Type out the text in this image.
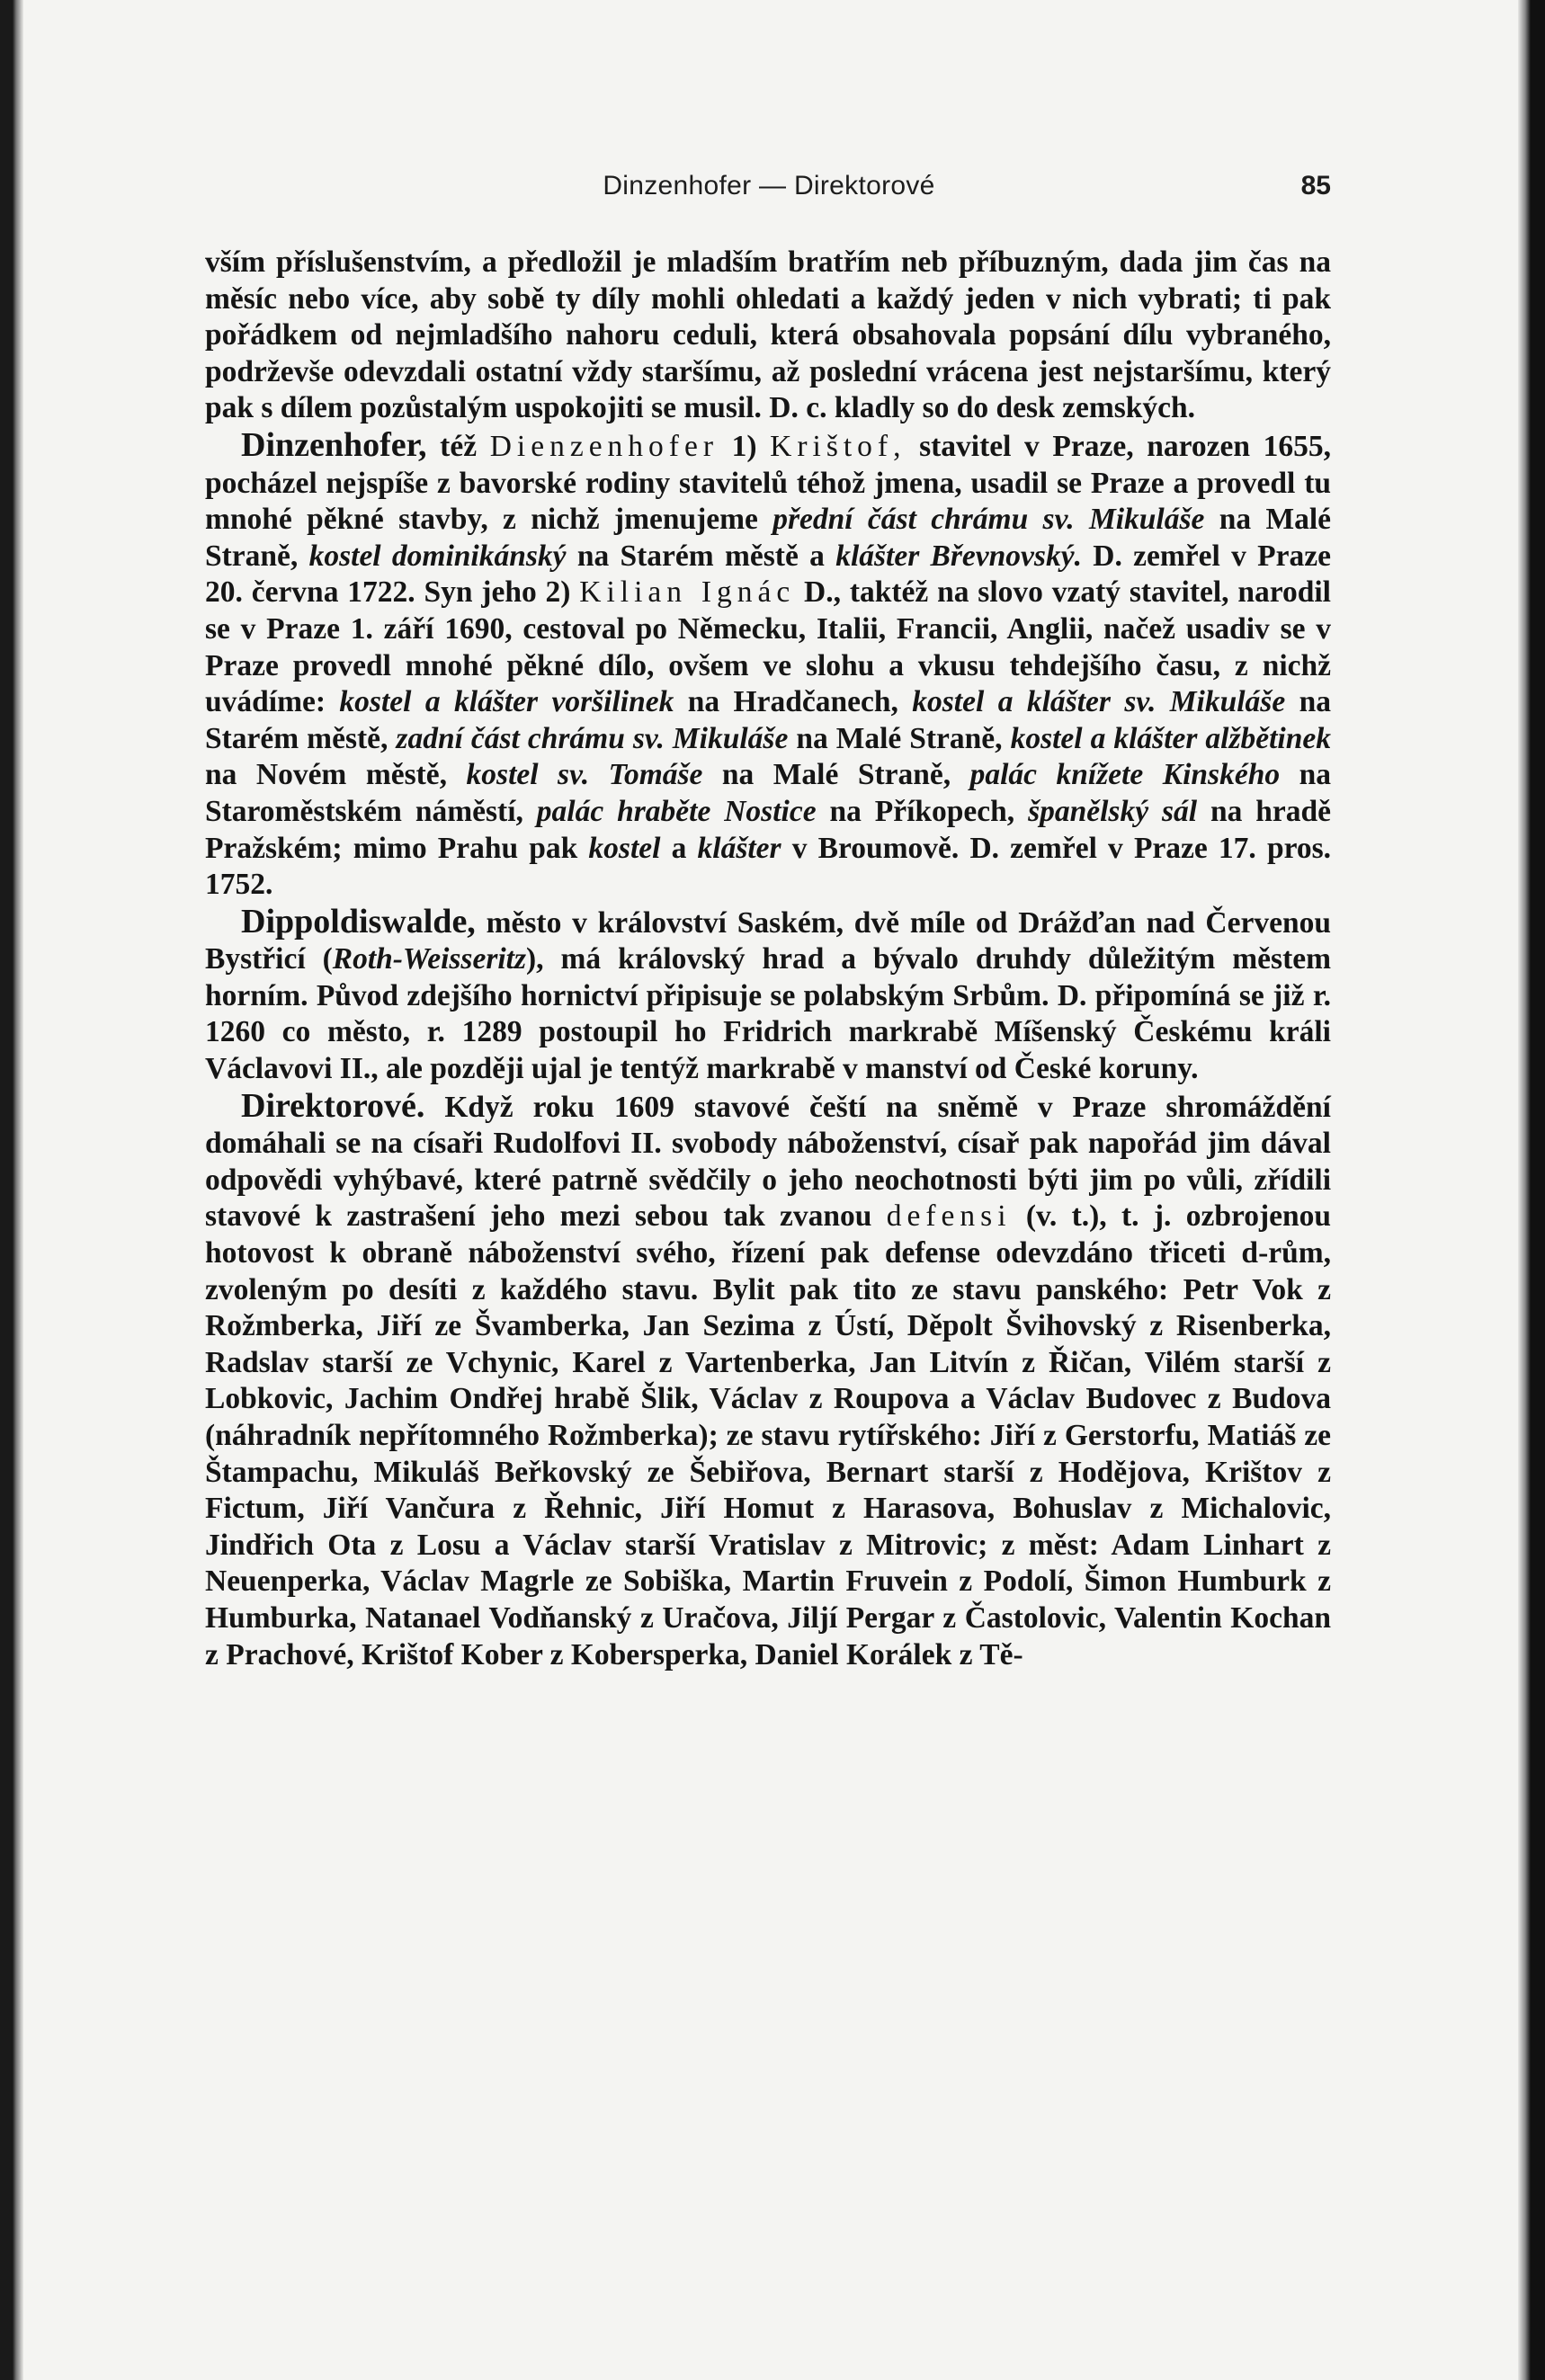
Dinzenhofer — Direktorové	85

vším příslušenstvím, a předložil je mladším bratřím neb příbuzným, dada jim čas na měsíc nebo více, aby sobě ty díly mohli ohledati a každý jeden v nich vybrati; ti pak pořádkem od nejmladšího nahoru ceduli, která obsahovala popsání dílu vybraného, podrževše odevzdali ostatní vždy staršímu, až poslední vrácena jest nejstaršímu, který pak s dílem pozůstalým uspokojiti se musil. D. c. kladly so do desk zemských.

Dinzenhofer, též Dienzenhofer 1) Krištof, stavitel v Praze, narozen 1655, pocházel nejspíše z bavorské rodiny stavitelů téhož jmena, usadil se Praze a provedl tu mnohé pěkné stavby, z nichž jmenujeme přední část chrámu sv. Mikuláše na Malé Straně, kostel dominikánský na Starém městě a klášter Břevnovský. D. zemřel v Praze 20. června 1722. Syn jeho 2) Kilian Ignác D., taktéž na slovo vzatý stavitel, narodil se v Praze 1. září 1690, cestoval po Německu, Italii, Francii, Anglii, načež usadiv se v Praze provedl mnohé pěkné dílo, ovšem ve slohu a vkusu tehdejšího času, z nichž uvádíme: kostel a klášter voršilinek na Hradčanech, kostel a klášter sv. Mikuláše na Starém městě, zadní část chrámu sv. Mikuláše na Malé Straně, kostel a klášter alžbětinek na Novém městě, kostel sv. Tomáše na Malé Straně, palác knížete Kinského na Staroměstském náměstí, palác hraběte Nostice na Příkopech, španělský sál na hradě Pražském; mimo Prahu pak kostel a klášter v Broumově. D. zemřel v Praze 17. pros. 1752.

Dippoldiswalde, město v království Saském, dvě míle od Drážďan nad Červenou Bystřicí (Roth-Weisseritz), má královský hrad a bývalo druhdy důležitým městem horním. Původ zdejšího hornictví připisuje se polabským Srbům. D. připomíná se již r. 1260 co město, r. 1289 postoupil ho Fridrich markrabě Míšenský Českému králi Václavovi II., ale později ujal je tentýž markrabě v manství od České koruny.

Direktorové. Když roku 1609 stavové čeští na sněmě v Praze shromáždění domáhali se na císaři Rudolfovi II. svobody náboženství, císař pak napořád jim dával odpovědi vyhýbavé, které patrně svědčily o jeho neochotnosti býti jim po vůli, zřídili stavové k zastrašení jeho mezi sebou tak zvanou defensi (v. t.), t. j. ozbrojenou hotovost k obraně náboženství svého, řízení pak defense odevzdáno třiceti d-rům, zvoleným po desíti z každého stavu. Bylit pak tito ze stavu panského: Petr Vok z Rožmberka, Jiří ze Švamberka, Jan Sezima z Ústí, Děpolt Švihovský z Risenberka, Radslav starší ze Vchynic, Karel z Vartenberka, Jan Litvín z Řičan, Vilém starší z Lobkovic, Jachim Ondřej hrabě Šlik, Václav z Roupova a Václav Budovec z Budova (náhradník nepřítomného Rožmberka); ze stavu rytířského: Jiří z Gerstorfu, Matiáš ze Štampachu, Mikuláš Beřkovský ze Šebiřova, Bernart starší z Hodějova, Krištov z Fictum, Jiří Vančura z Řehnic, Jiří Homut z Harasova, Bohuslav z Michalovic, Jindřich Ota z Losu a Václav starší Vratislav z Mitrovic; z měst: Adam Linhart z Neuenperka, Václav Magrle ze Sobiška, Martin Fruvein z Podolí, Šimon Humburk z Humburka, Natanael Vodňanský z Uračova, Jiljí Pergar z Častolovic, Valentin Kochan z Prachové, Krištof Kober z Kobersperka, Daniel Korálek z Tě-
